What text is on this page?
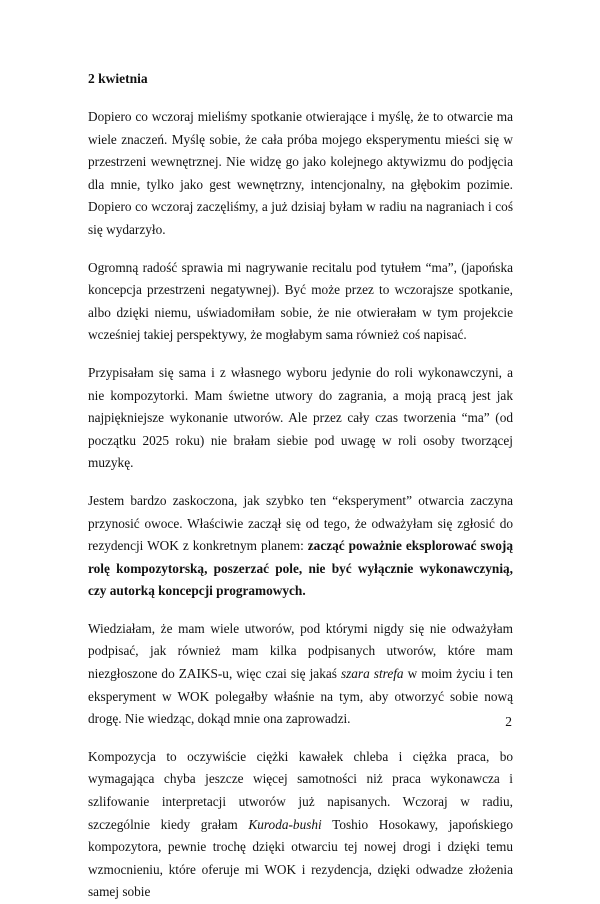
2 kwietnia

Dopiero co wczoraj mieliśmy spotkanie otwierające i myślę, że to otwarcie ma wiele znaczeń. Myślę sobie, że cała próba mojego eksperymentu mieści się w przestrzeni wewnętrznej. Nie widzę go jako kolejnego aktywizmu do podjęcia dla mnie, tylko jako gest wewnętrzny, intencjonalny, na głębokim pozimie. Dopiero co wczoraj zaczęliśmy, a już dzisiaj byłam w radiu na nagraniach i coś się wydarzyło.

Ogromną radość sprawia mi nagrywanie recitalu pod tytułem “ma”, (japońska koncepcja przestrzeni negatywnej). Być może przez to wczorajsze spotkanie, albo dzięki niemu, uświadomiłam sobie, że nie otwierałam w tym projekcie wcześniej takiej perspektywy, że mogłabym sama również coś napisać.

Przypisałam się sama i z własnego wyboru jedynie do roli wykonawczyni, a nie kompozytorki. Mam świetne utwory do zagrania, a moją pracą jest jak najpiękniejsze wykonanie utworów. Ale przez cały czas tworzenia “ma” (od początku 2025 roku) nie brałam siebie pod uwagę w roli osoby tworzącej muzykę.

Jestem bardzo zaskoczona, jak szybko ten “eksperyment” otwarcia zaczyna przynosić owoce. Właściwie zaczął się od tego, że odważyłam się zgłosić do rezydencji WOK z konkretnym planem: zacząć poważnie eksplorować swoją rolę kompozytorską, poszerzać pole, nie być wyłącznie wykonawczynią, czy autorką koncepcji programowych.

Wiedziałam, że mam wiele utworów, pod którymi nigdy się nie odważyłam podpisać, jak również mam kilka podpisanych utworów, które mam niezgłoszone do ZAIKS-u, więc czai się jakaś szara strefa w moim życiu i ten eksperyment w WOK polegałby właśnie na tym, aby otworzyć sobie nową drogę. Nie wiedząc, dokąd mnie ona zaprowadzi.

Kompozycja to oczywiście ciężki kawałek chleba i ciężka praca, bo wymagająca chyba jeszcze więcej samotności niż praca wykonawcza i szlifowanie interpretacji utworów już napisanych. Wczoraj w radiu, szczególnie kiedy grałam Kuroda-bushi Toshio Hosokawy, japońskiego kompozytora, pewnie trochę dzięki otwarciu tej nowej drogi i dzięki temu wzmocnieniu, które oferuje mi WOK i rezydencja, dzięki odwadze złożenia samej sobie

2
